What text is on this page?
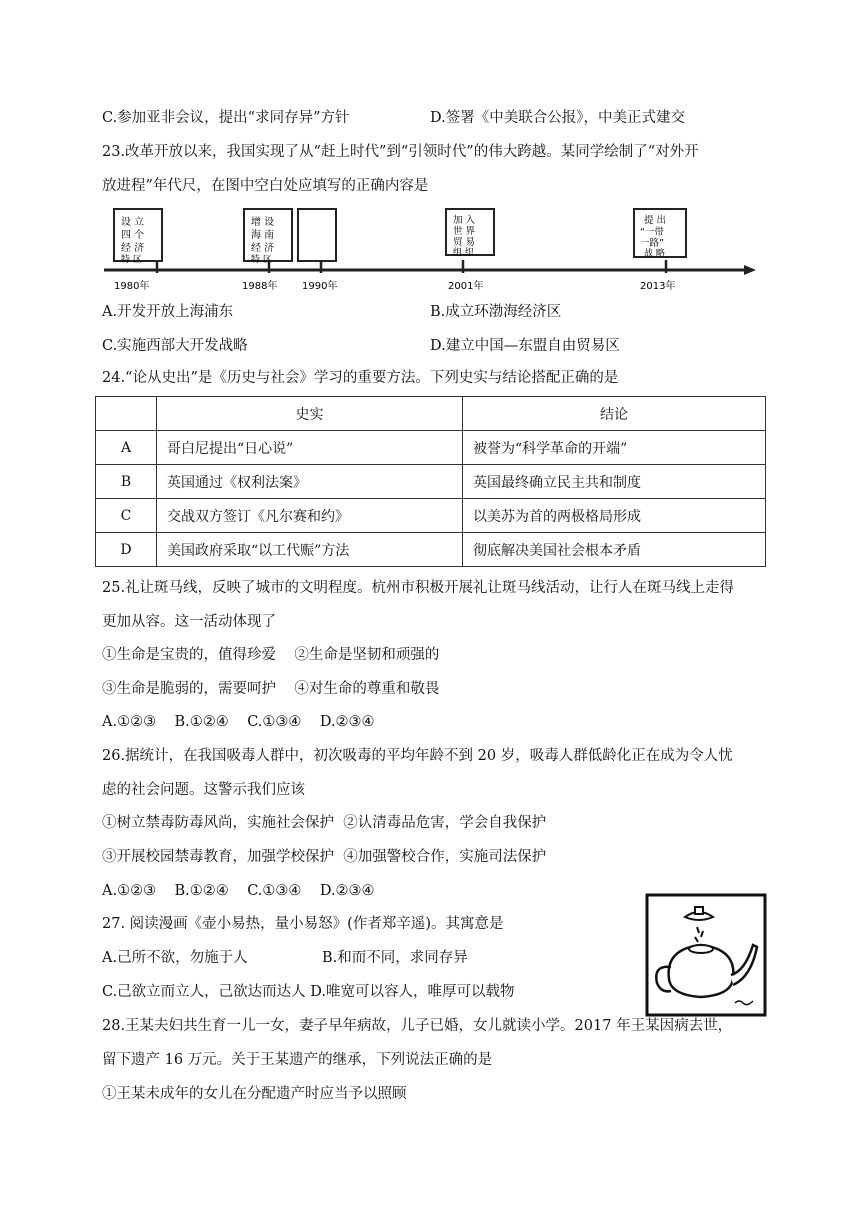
C.参加亚非会议，提出“求同存异”方针	D.签署《中美联合公报》，中美正式建交
23.改革开放以来，我国实现了从“赶上时代”到“引领时代”的伟大跨越。某同学绘制了“对外开
放进程”年代尺，在图中空白处应填写的正确内容是
设 立
四 个
经 济
特 区
增 设
海 南
经 济
特 区
加 入
世 界
贸 易
组 织
提 出
“一带
一路”
战 略
1980年	1988年 1990年	2001年	2013年
A.开发开放上海浦东	B.成立环渤海经济区
C.实施西部大开发战略	D.建立中国—东盟自由贸易区
24.“论从史出”是《历史与社会》学习的重要方法。下列史实与结论搭配正确的是
	史实	结论
A	哥白尼提出“日心说”	被誉为“科学革命的开端”
B	英国通过《权利法案》	英国最终确立民主共和制度
C	交战双方签订《凡尔赛和约》	以美苏为首的两极格局形成
D	美国政府采取“以工代赈”方法	彻底解决美国社会根本矛盾
25.礼让斑马线，反映了城市的文明程度。杭州市积极开展礼让斑马线活动，让行人在斑马线上走得
更加从容。这一活动体现了
①生命是宝贵的，值得珍爱    ②生命是坚韧和顽强的
③生命是脆弱的，需要呵护    ④对生命的尊重和敬畏
A.①②③    B.①②④    C.①③④    D.②③④
26.据统计，在我国吸毒人群中，初次吸毒的平均年龄不到 20 岁，吸毒人群低龄化正在成为令人忧
虑的社会问题。这警示我们应该
①树立禁毒防毒风尚，实施社会保护  ②认清毒品危害，学会自我保护
③开展校园禁毒教育，加强学校保护  ④加强警校合作，实施司法保护
A.①②③    B.①②④    C.①③④    D.②③④
27. 阅读漫画《壶小易热，量小易怒》(作者郑辛遥)。其寓意是
A.己所不欲，勿施于人	B.和而不同，求同存异
C.己欲立而立人，己欲达而达人 D.唯宽可以容人，唯厚可以载物
28.王某夫妇共生育一儿一女，妻子早年病故，儿子已婚，女儿就读小学。2017 年王某因病去世，
留下遗产 16 万元。关于王某遗产的继承，下列说法正确的是
①王某未成年的女儿在分配遗产时应当予以照顾
